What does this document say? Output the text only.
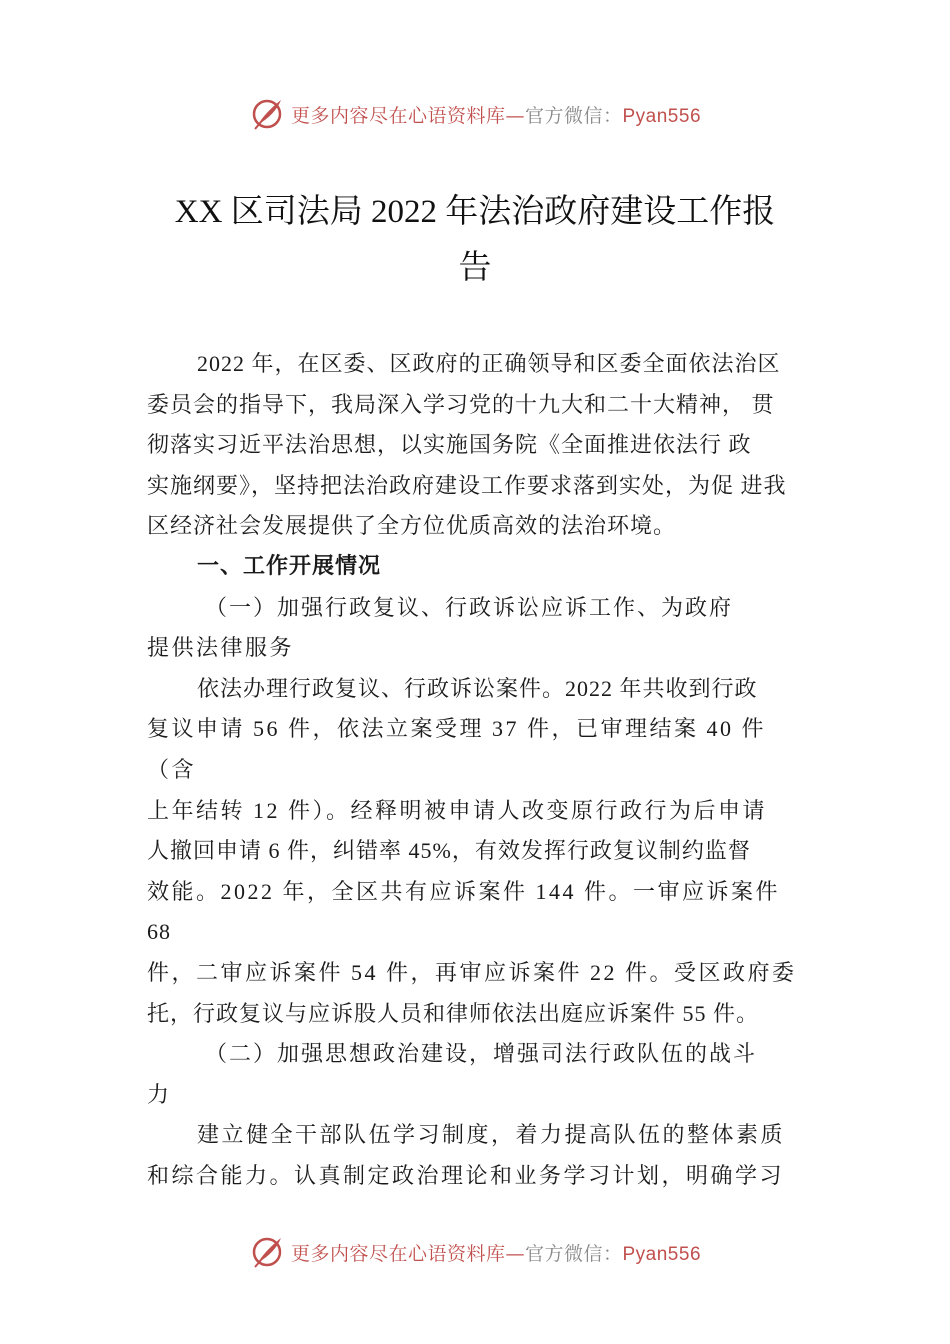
更多内容尽在心语资料库—官方微信：Pyan556
XX 区司法局 2022 年法治政府建设工作报
告
2022 年，在区委、区政府的正确领导和区委全面依法治区
委员会的指导下，我局深入学习党的十九大和二十大精神， 贯
彻落实习近平法治思想，以实施国务院《全面推进依法行 政
实施纲要》，坚持把法治政府建设工作要求落到实处，为促 进我
区经济社会发展提供了全方位优质高效的法治环境。
一、工作开展情况
（一）加强行政复议、行政诉讼应诉工作、为政府
提供法律服务
依法办理行政复议、行政诉讼案件。2022 年共收到行政
复议申请 56 件，依法立案受理 37 件，已审理结案 40 件
（含
上年结转 12 件）。经释明被申请人改变原行政行为后申请
人撤回申请 6 件，纠错率 45%，有效发挥行政复议制约监督
效能。2022 年，全区共有应诉案件 144 件。一审应诉案件
68
件，二审应诉案件 54 件，再审应诉案件 22 件。受区政府委
托，行政复议与应诉股人员和律师依法出庭应诉案件 55 件。
（二）加强思想政治建设，增强司法行政队伍的战斗
力
建立健全干部队伍学习制度，着力提高队伍的整体素质
和综合能力。认真制定政治理论和业务学习计划，明确学习
更多内容尽在心语资料库—官方微信：Pyan556
